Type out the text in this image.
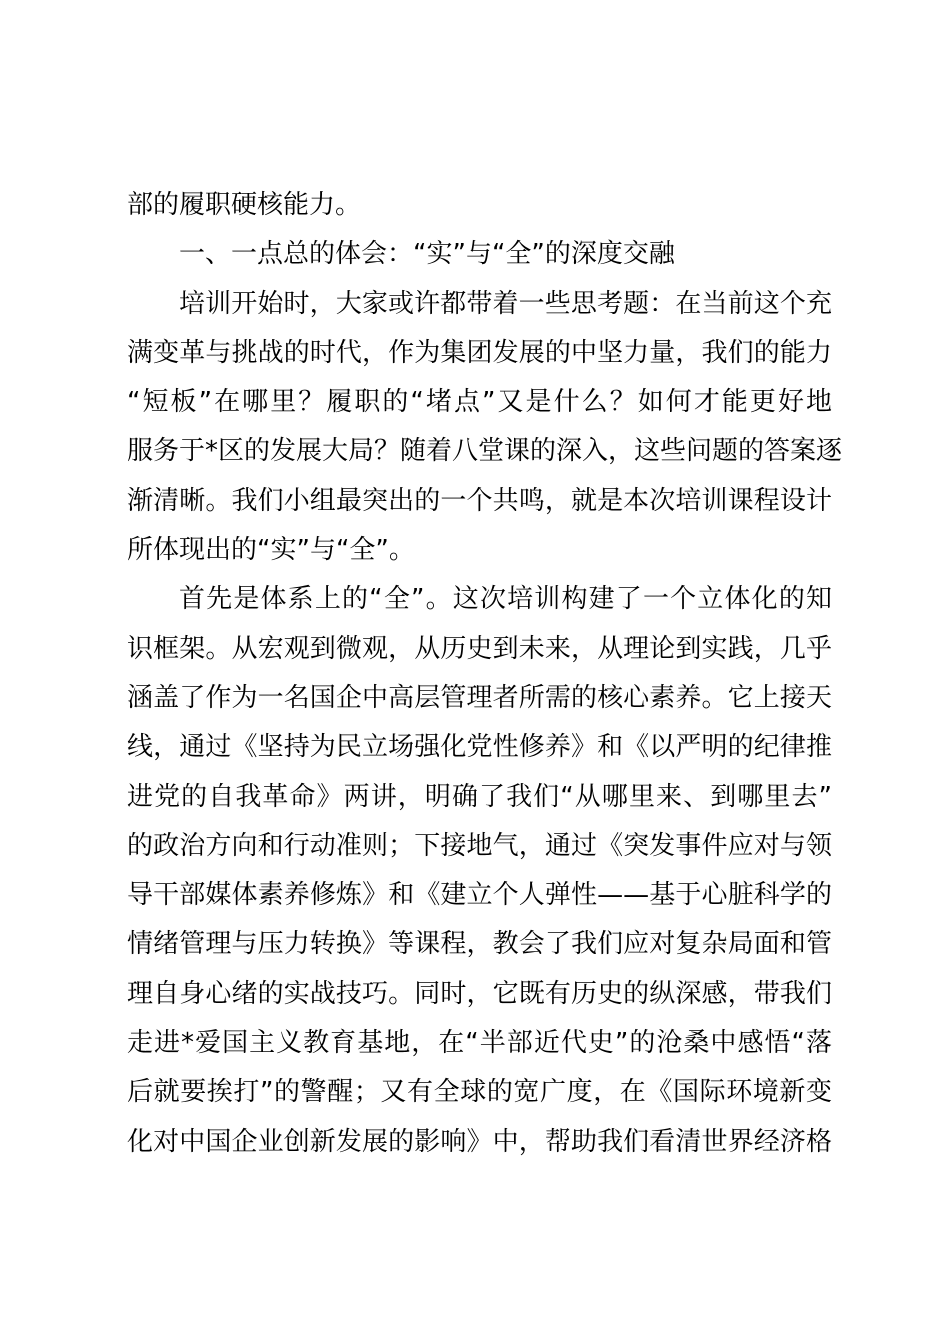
部的履职硬核能力。
一、一点总的体会：“实”与“全”的深度交融
培训开始时，大家或许都带着一些思考题：在当前这个充
满变革与挑战的时代，作为集团发展的中坚力量，我们的能力
“短板”在哪里？履职的“堵点”又是什么？如何才能更好地
服务于*区的发展大局？随着八堂课的深入，这些问题的答案逐
渐清晰。我们小组最突出的一个共鸣，就是本次培训课程设计
所体现出的“实”与“全”。
首先是体系上的“全”。这次培训构建了一个立体化的知
识框架。从宏观到微观，从历史到未来，从理论到实践，几乎
涵盖了作为一名国企中高层管理者所需的核心素养。它上接天
线，通过《坚持为民立场强化党性修养》和《以严明的纪律推
进党的自我革命》两讲，明确了我们“从哪里来、到哪里去”
的政治方向和行动准则；下接地气，通过《突发事件应对与领
导干部媒体素养修炼》和《建立个人弹性——基于心脏科学的
情绪管理与压力转换》等课程，教会了我们应对复杂局面和管
理自身心绪的实战技巧。同时，它既有历史的纵深感，带我们
走进*爱国主义教育基地，在“半部近代史”的沧桑中感悟“落
后就要挨打”的警醒；又有全球的宽广度，在《国际环境新变
化对中国企业创新发展的影响》中，帮助我们看清世界经济格
